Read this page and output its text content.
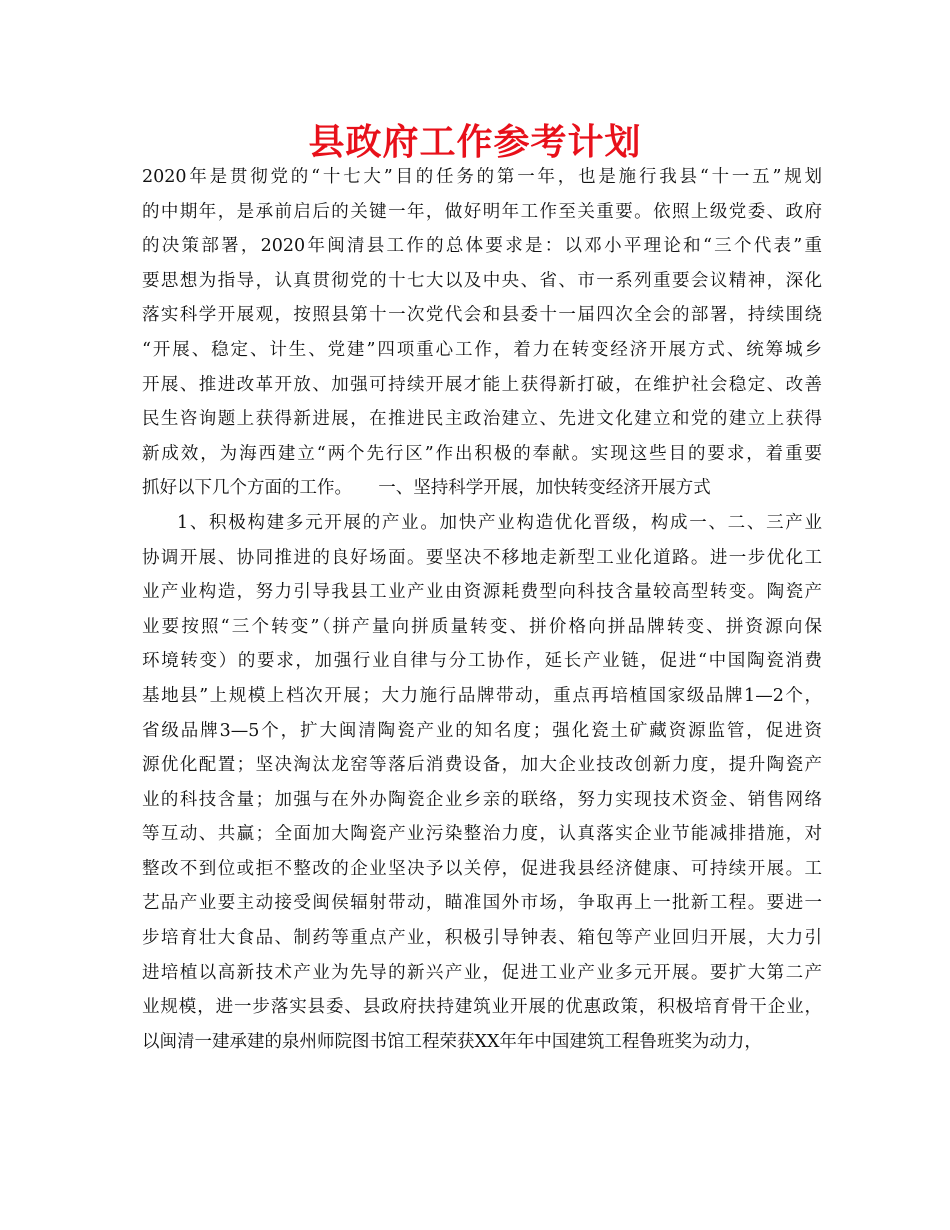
县政府工作参考计划
2020年是贯彻党的“十七大”目的任务的第一年，也是施行我县“十一五”规划
的中期年，是承前启后的关键一年，做好明年工作至关重要。依照上级党委、政府
的决策部署，2020年闽清县工作的总体要求是：以邓小平理论和“三个代表”重
要思想为指导，认真贯彻党的十七大以及中央、省、市一系列重要会议精神，深化
落实科学开展观，按照县第十一次党代会和县委十一届四次全会的部署，持续围绕
“开展、稳定、计生、党建”四项重心工作，着力在转变经济开展方式、统筹城乡
开展、推进改革开放、加强可持续开展才能上获得新打破，在维护社会稳定、改善
民生咨询题上获得新进展，在推进民主政治建立、先进文化建立和党的建立上获得
新成效，为海西建立“两个先行区”作出积极的奉献。实现这些目的要求，着重要
抓好以下几个方面的工作。　　一、坚持科学开展，加快转变经济开展方式
1、积极构建多元开展的产业。加快产业构造优化晋级，构成一、二、三产业
协调开展、协同推进的良好场面。要坚决不移地走新型工业化道路。进一步优化工
业产业构造，努力引导我县工业产业由资源耗费型向科技含量较高型转变。陶瓷产
业要按照“三个转变”（拼产量向拼质量转变、拼价格向拼品牌转变、拼资源向保
环境转变）的要求，加强行业自律与分工协作，延长产业链，促进“中国陶瓷消费
基地县”上规模上档次开展；大力施行品牌带动，重点再培植国家级品牌1—2个，
省级品牌3—5个，扩大闽清陶瓷产业的知名度；强化瓷土矿藏资源监管，促进资
源优化配置；坚决淘汰龙窑等落后消费设备，加大企业技改创新力度，提升陶瓷产
业的科技含量；加强与在外办陶瓷企业乡亲的联络，努力实现技术资金、销售网络
等互动、共赢；全面加大陶瓷产业污染整治力度，认真落实企业节能减排措施，对
整改不到位或拒不整改的企业坚决予以关停，促进我县经济健康、可持续开展。工
艺品产业要主动接受闽侯辐射带动，瞄准国外市场，争取再上一批新工程。要进一
步培育壮大食品、制药等重点产业，积极引导钟表、箱包等产业回归开展，大力引
进培植以高新技术产业为先导的新兴产业，促进工业产业多元开展。要扩大第二产
业规模，进一步落实县委、县政府扶持建筑业开展的优惠政策，积极培育骨干企业，
以闽清一建承建的泉州师院图书馆工程荣获XX年年中国建筑工程鲁班奖为动力，
